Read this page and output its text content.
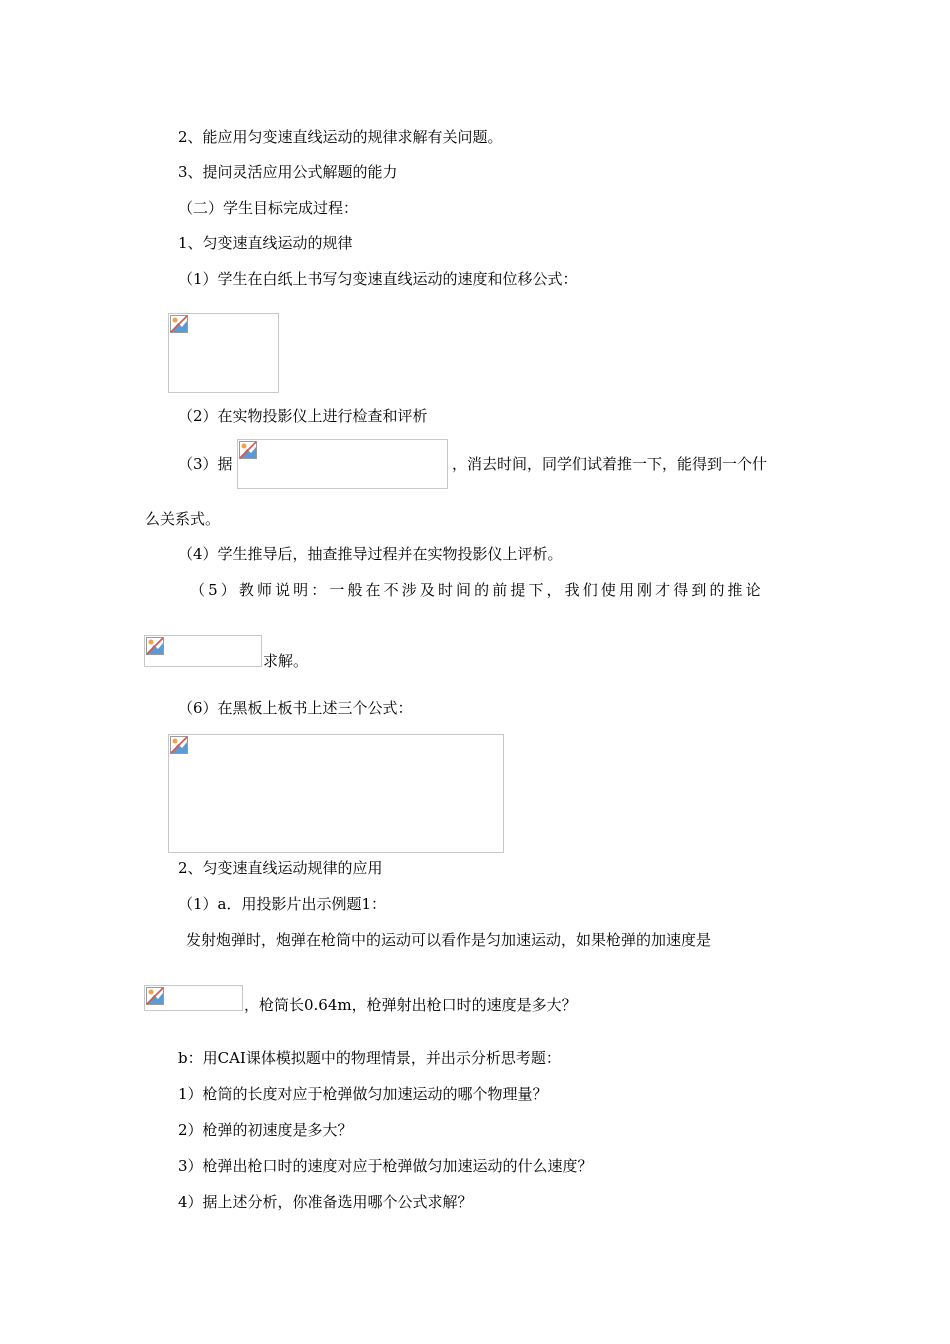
2、能应用匀变速直线运动的规律求解有关问题。
3、提问灵活应用公式解题的能力
（二）学生目标完成过程：
1、匀变速直线运动的规律
（1）学生在白纸上书写匀变速直线运动的速度和位移公式：
（2）在实物投影仪上进行检查和评析
（3）据	，消去时间，同学们试着推一下，能得到一个什
么关系式。
（4）学生推导后，抽查推导过程并在实物投影仪上评析。
（5）教师说明：一般在不涉及时间的前提下，我们使用刚才得到的推论
求解。
（6）在黑板上板书上述三个公式：
2、匀变速直线运动规律的应用
（1）a．用投影片出示例题1：
发射炮弹时，炮弹在枪筒中的运动可以看作是匀加速运动，如果枪弹的加速度是
，枪筒长0.64m，枪弹射出枪口时的速度是多大？
b：用CAI课体模拟题中的物理情景，并出示分析思考题：
1）枪筒的长度对应于枪弹做匀加速运动的哪个物理量？
2）枪弹的初速度是多大？
3）枪弹出枪口时的速度对应于枪弹做匀加速运动的什么速度？
4）据上述分析，你准备选用哪个公式求解？
